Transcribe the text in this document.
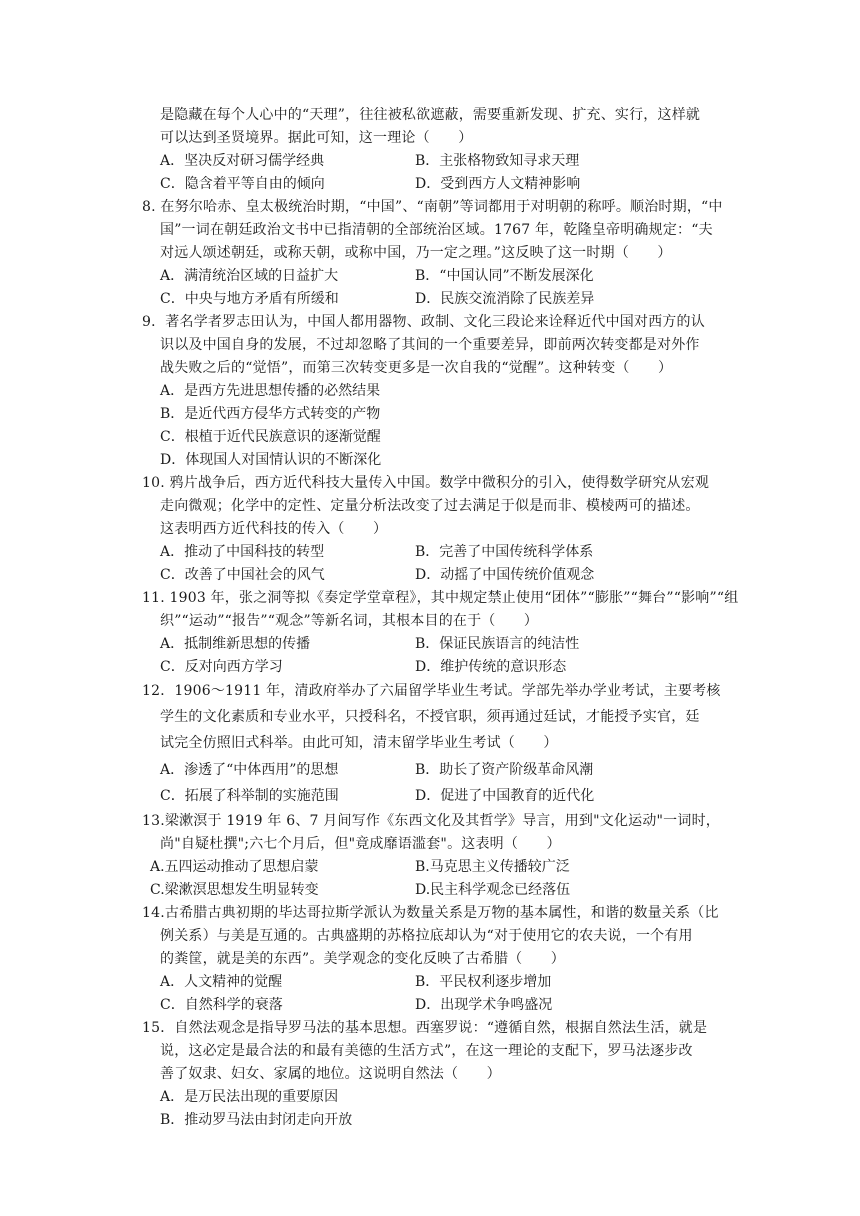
是隐藏在每个人心中的“天理”，往往被私欲遮蔽，需要重新发现、扩充、实行，这样就
可以达到圣贤境界。据此可知，这一理论（　　）
A．坚决反对研习儒学经典	B．主张格物致知寻求天理
C．隐含着平等自由的倾向	D．受到西方人文精神影响
8. 在努尔哈赤、皇太极统治时期，“中国”、“南朝”等词都用于对明朝的称呼。顺治时期，“中
国”一词在朝廷政治文书中已指清朝的全部统治区域。1767 年，乾隆皇帝明确规定：“夫
对远人颂述朝廷，或称天朝，或称中国，乃一定之理。”这反映了这一时期（　　）
A．满清统治区域的日益扩大	B．“中国认同”不断发展深化
C．中央与地方矛盾有所缓和	D．民族交流消除了民族差异
9．著名学者罗志田认为，中国人都用器物、政制、文化三段论来诠释近代中国对西方的认
识以及中国自身的发展，不过却忽略了其间的一个重要差异，即前两次转变都是对外作
战失败之后的“觉悟”，而第三次转变更多是一次自我的“觉醒”。这种转变（　　）
A．是西方先进思想传播的必然结果
B．是近代西方侵华方式转变的产物
C．根植于近代民族意识的逐渐觉醒
D．体现国人对国情认识的不断深化
10. 鸦片战争后，西方近代科技大量传入中国。数学中微积分的引入，使得数学研究从宏观
走向微观；化学中的定性、定量分析法改变了过去满足于似是而非、模棱两可的描述。
这表明西方近代科技的传入（　　）
A．推动了中国科技的转型	B．完善了中国传统科学体系
C．改善了中国社会的风气	D．动摇了中国传统价值观念
11. 1903 年，张之洞等拟《奏定学堂章程》，其中规定禁止使用“团体”“膨胀”“舞台”“影响”“组
织”“运动”“报告”“观念”等新名词，其根本目的在于（　　）
A．抵制维新思想的传播	B．保证民族语言的纯洁性
C．反对向西方学习	D．维护传统的意识形态
12．1906～1911 年，清政府举办了六届留学毕业生考试。学部先举办学业考试，主要考核
学生的文化素质和专业水平，只授科名，不授官职，须再通过廷试，才能授予实官，廷
试完全仿照旧式科举。由此可知，清末留学毕业生考试（　　）
A．渗透了“中体西用”的思想	B．助长了资产阶级革命风潮
C．拓展了科举制的实施范围	D．促进了中国教育的近代化
13.梁漱溟于 1919 年 6、7 月间写作《东西文化及其哲学》导言，用到"文化运动"一词时，
尚"自疑杜撰";六七个月后，但"竟成靡语滥套"。这表明（　　）
A.五四运动推动了思想启蒙	B.马克思主义传播较广泛
C.梁漱溟思想发生明显转变	D.民主科学观念已经落伍
14.古希腊古典初期的毕达哥拉斯学派认为数量关系是万物的基本属性，和谐的数量关系（比
例关系）与美是互通的。古典盛期的苏格拉底却认为“对于使用它的农夫说，一个有用
的粪筐，就是美的东西”。美学观念的变化反映了古希腊（　　）
A．人文精神的觉醒	B．平民权利逐步增加
C．自然科学的衰落	D．出现学术争鸣盛况
15．自然法观念是指导罗马法的基本思想。西塞罗说：“遵循自然，根据自然法生活，就是
说，这必定是最合法的和最有美德的生活方式”，在这一理论的支配下，罗马法逐步改
善了奴隶、妇女、家属的地位。这说明自然法（　　）
A．是万民法出现的重要原因
B．推动罗马法由封闭走向开放
